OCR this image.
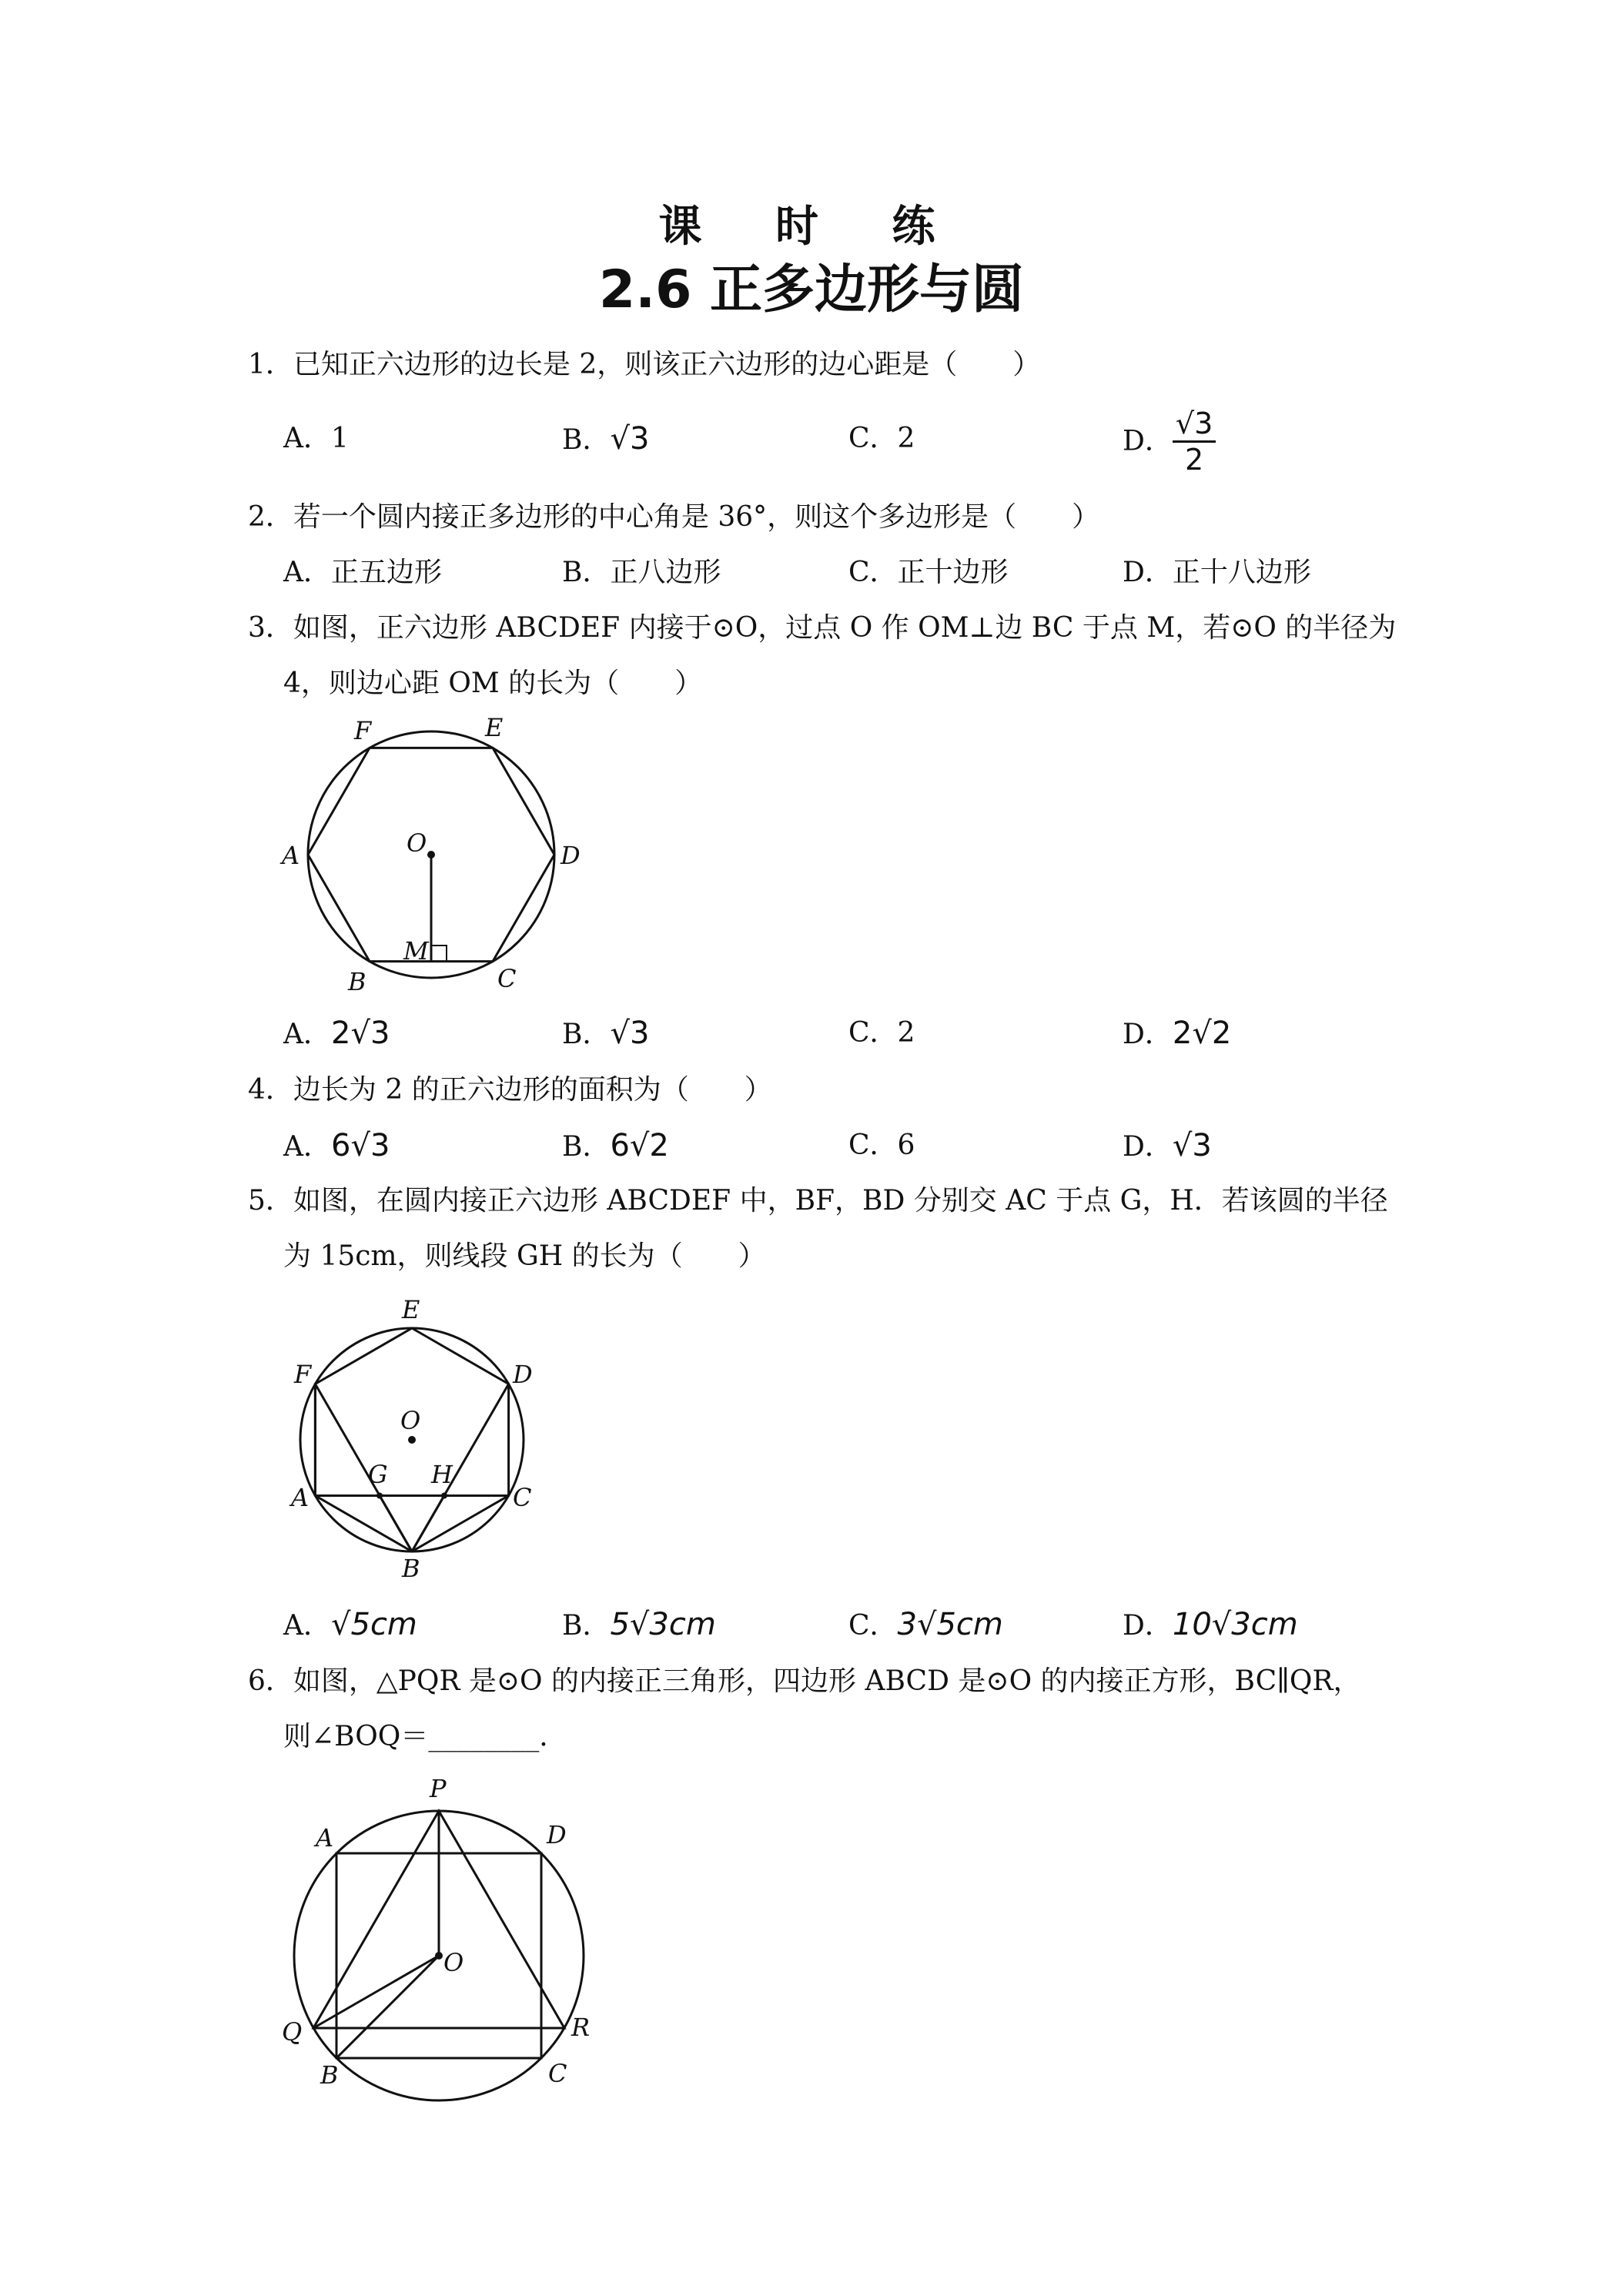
课 时 练
2.6 正多边形与圆
1．已知正六边形的边长是 2，则该正六边形的边心距是（　　）
A．1	B．√3	C．2	D． $\frac{√3}{2}$
2．若一个圆内接正多边形的中心角是 36°，则这个多边形是（　　）
A．正五边形	B．正八边形	C．正十边形	D．正十八边形
3．如图，正六边形 ABCDEF 内接于⊙O，过点 O 作 OM⊥边 BC 于点 M，若⊙O 的半径为
4，则边心距 OM 的长为（　　）
F	E
A	D
O
M
B	C
A．2√3	B．√3	C．2	D．2√2
4．边长为 2 的正六边形的面积为（　　）
A．6√3	B．6√2	C．6	D．√3
5．如图，在圆内接正六边形 ABCDEF 中，BF，BD 分别交 AC 于点 G，H．若该圆的半径
为 15cm，则线段 GH 的长为（　　）
E
F	D
O
G H
A	C
B
A．√5cm	B．5√3cm	C．3√5cm	D．10√3cm
6．如图，△PQR 是⊙O 的内接正三角形，四边形 ABCD 是⊙O 的内接正方形，BC∥QR，
则∠BOQ＝________．
P
A	D
O
Q	R
B	C
